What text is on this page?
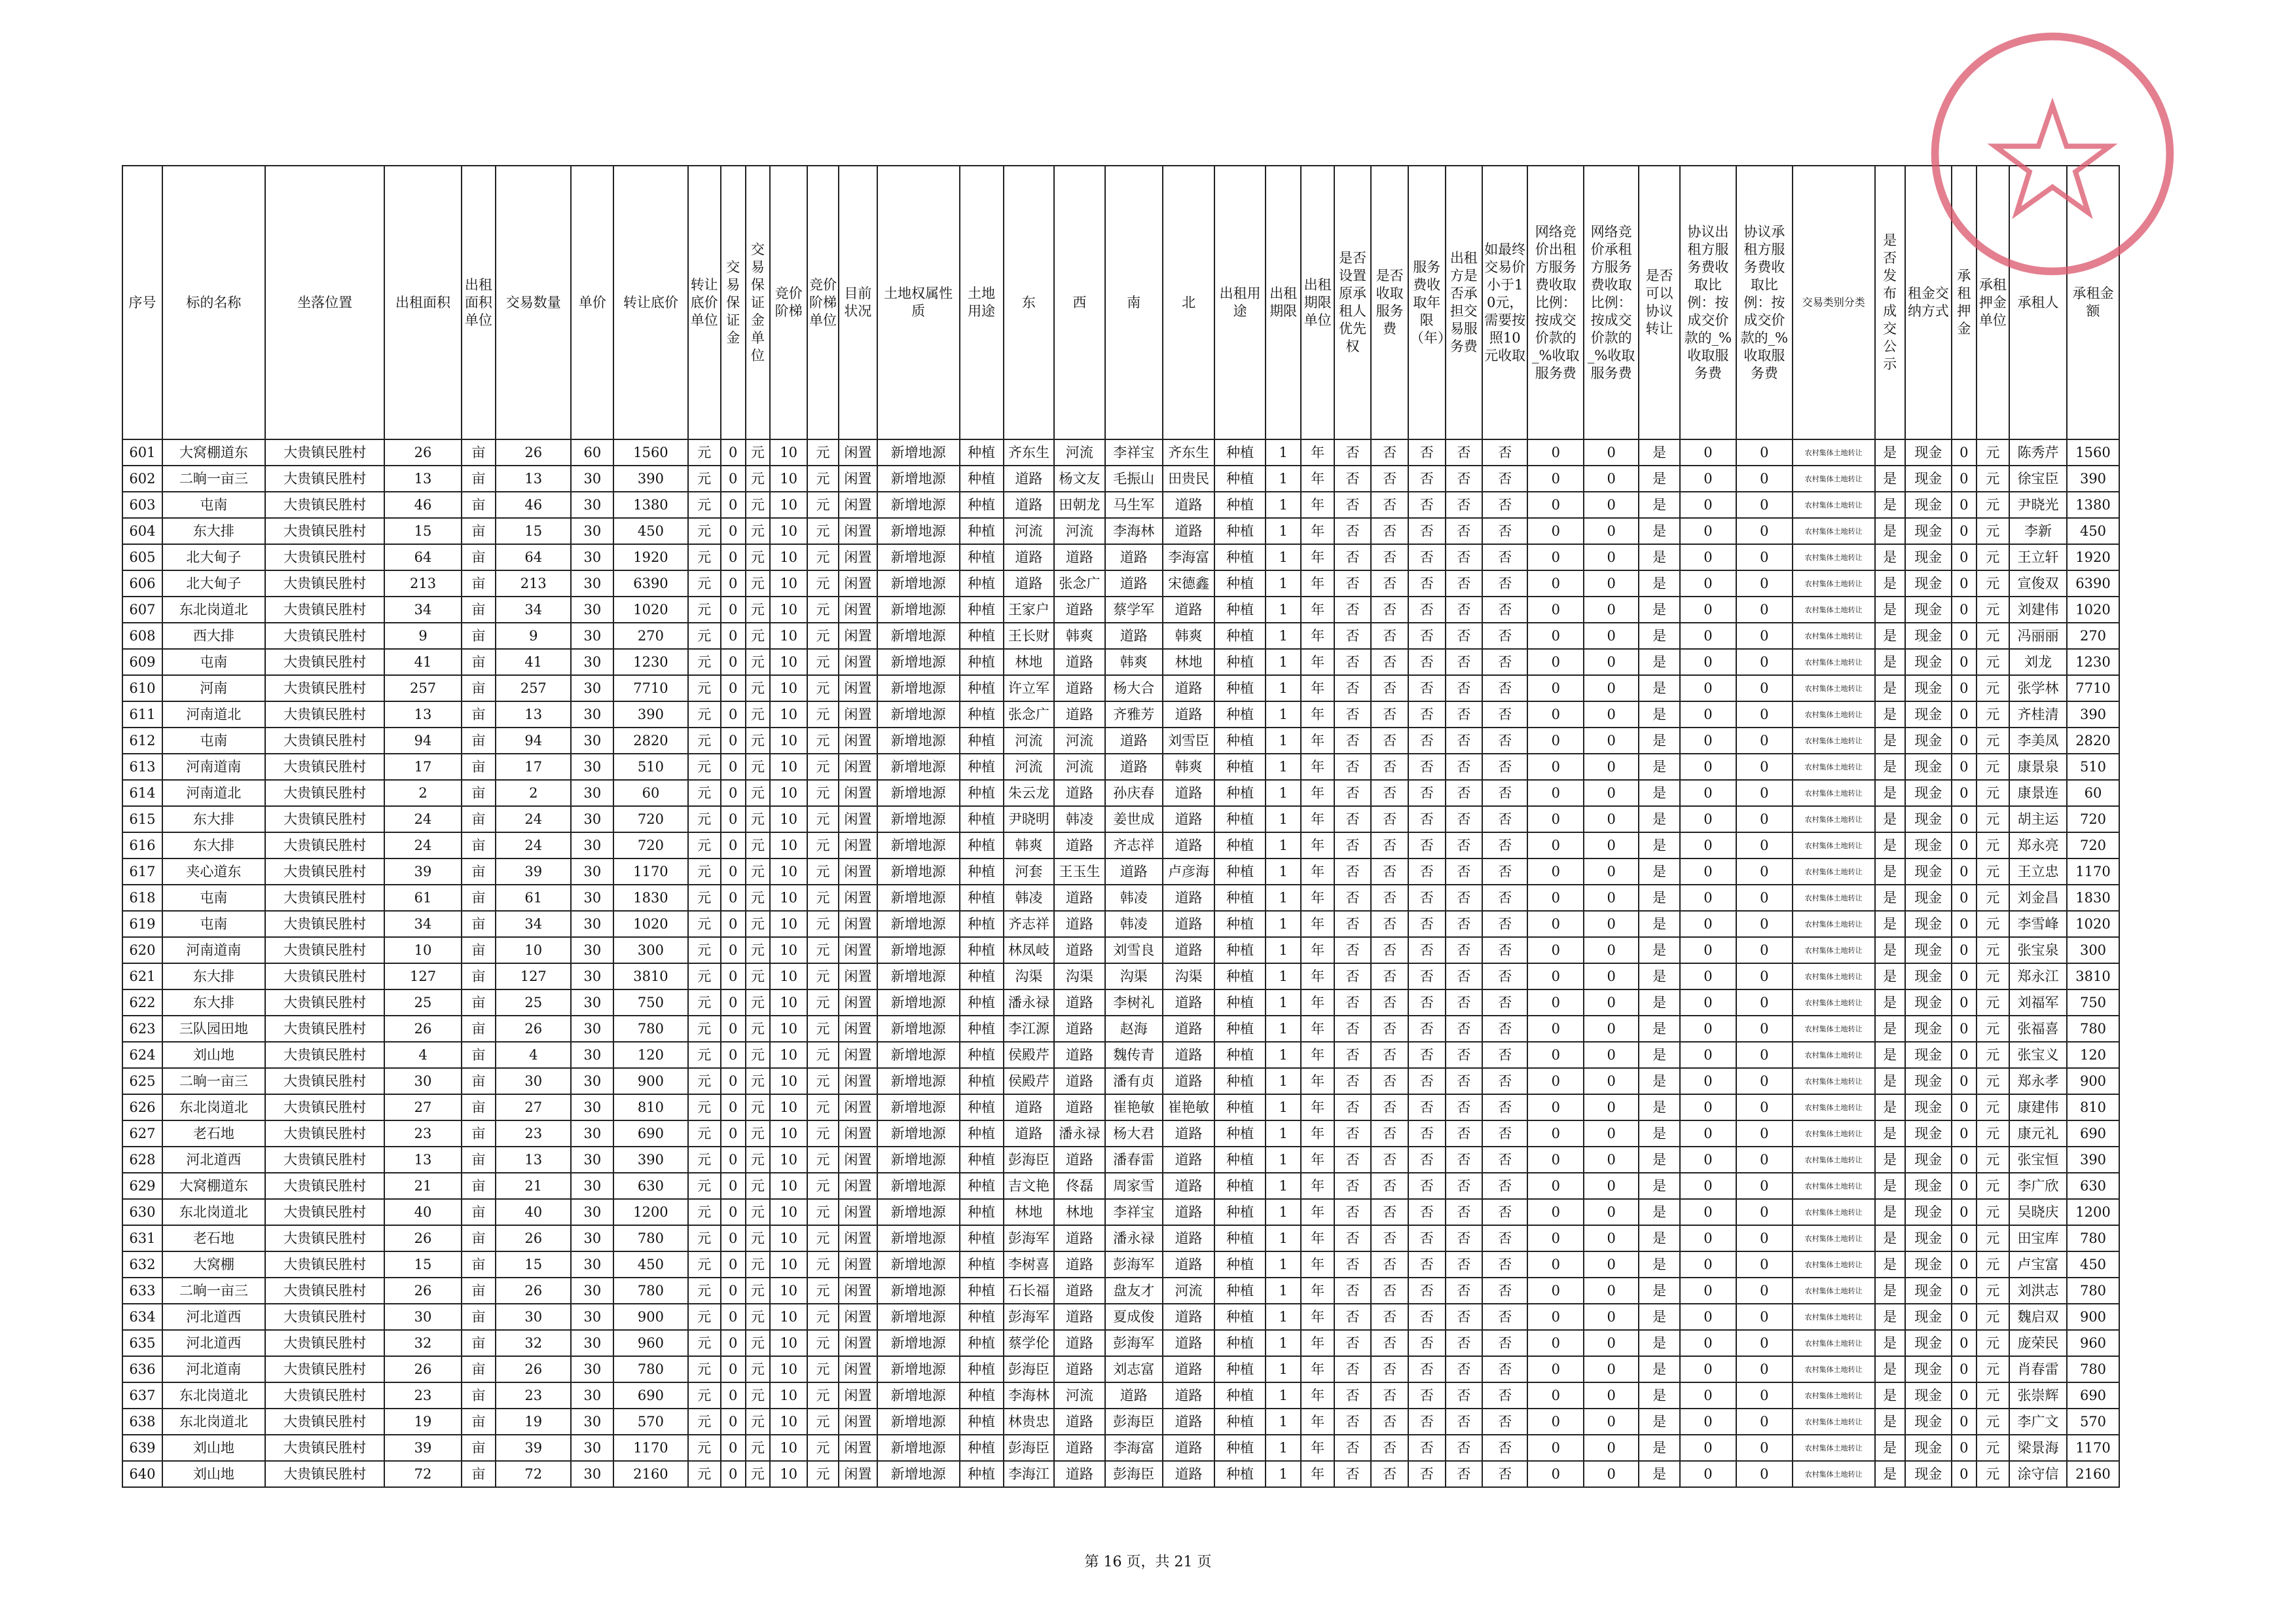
序号	标的名称	坐落位置	出租面积	出租面积单位	交易数量	单价	转让底价	转让底价单位	交易保证金	交易保证金单位	竞价阶梯	竞价阶梯单位	目前状况	土地权属性质	土地用途	东	西	南	北	出租用途	出租期限	出租期限单位	是否设置原承租人优先权	是否收取服务费	服务费收取年限（年）	出租方是否承担交易服务费	如最终交易价小于10元，需要按照10元收取	网络竞价出租方服务费收取比例：按成交价款的_%收取服务费	网络竞价承租方服务费收取比例：按成交价款的_%收取服务费	是否可以协议转让	协议出租方服务费收取比例：按成交价款的_%收取服务费	协议承租方服务费收取比例：按成交价款的_%收取服务费	交易类别分类	是否发布成交公示	租金交纳方式	承租押金	承租押金单位	承租人	承租金额
601	大窝棚道东	大贵镇民胜村	26	亩	26	60	1560	元	0	元	10	元	闲置	新增地源	种植	齐东生	河流	李祥宝	齐东生	种植	1	年	否	否	否	否	否	0	0	是	0	0	农村集体土地转让	是	现金	0	元	陈秀芹	1560
602	二晌一亩三	大贵镇民胜村	13	亩	13	30	390	元	0	元	10	元	闲置	新增地源	种植	道路	杨文友	毛振山	田贵民	种植	1	年	否	否	否	否	否	0	0	是	0	0	农村集体土地转让	是	现金	0	元	徐宝臣	390
603	屯南	大贵镇民胜村	46	亩	46	30	1380	元	0	元	10	元	闲置	新增地源	种植	道路	田朝龙	马生军	道路	种植	1	年	否	否	否	否	否	0	0	是	0	0	农村集体土地转让	是	现金	0	元	尹晓光	1380
604	东大排	大贵镇民胜村	15	亩	15	30	450	元	0	元	10	元	闲置	新增地源	种植	河流	河流	李海林	道路	种植	1	年	否	否	否	否	否	0	0	是	0	0	农村集体土地转让	是	现金	0	元	李新	450
605	北大甸子	大贵镇民胜村	64	亩	64	30	1920	元	0	元	10	元	闲置	新增地源	种植	道路	道路	道路	李海富	种植	1	年	否	否	否	否	否	0	0	是	0	0	农村集体土地转让	是	现金	0	元	王立轩	1920
606	北大甸子	大贵镇民胜村	213	亩	213	30	6390	元	0	元	10	元	闲置	新增地源	种植	道路	张念广	道路	宋德鑫	种植	1	年	否	否	否	否	否	0	0	是	0	0	农村集体土地转让	是	现金	0	元	宣俊双	6390
607	东北岗道北	大贵镇民胜村	34	亩	34	30	1020	元	0	元	10	元	闲置	新增地源	种植	王家户	道路	蔡学军	道路	种植	1	年	否	否	否	否	否	0	0	是	0	0	农村集体土地转让	是	现金	0	元	刘建伟	1020
608	西大排	大贵镇民胜村	9	亩	9	30	270	元	0	元	10	元	闲置	新增地源	种植	王长财	韩爽	道路	韩爽	种植	1	年	否	否	否	否	否	0	0	是	0	0	农村集体土地转让	是	现金	0	元	冯丽丽	270
609	屯南	大贵镇民胜村	41	亩	41	30	1230	元	0	元	10	元	闲置	新增地源	种植	林地	道路	韩爽	林地	种植	1	年	否	否	否	否	否	0	0	是	0	0	农村集体土地转让	是	现金	0	元	刘龙	1230
610	河南	大贵镇民胜村	257	亩	257	30	7710	元	0	元	10	元	闲置	新增地源	种植	许立军	道路	杨大合	道路	种植	1	年	否	否	否	否	否	0	0	是	0	0	农村集体土地转让	是	现金	0	元	张学林	7710
611	河南道北	大贵镇民胜村	13	亩	13	30	390	元	0	元	10	元	闲置	新增地源	种植	张念广	道路	齐雅芳	道路	种植	1	年	否	否	否	否	否	0	0	是	0	0	农村集体土地转让	是	现金	0	元	齐桂清	390
612	屯南	大贵镇民胜村	94	亩	94	30	2820	元	0	元	10	元	闲置	新增地源	种植	河流	河流	道路	刘雪臣	种植	1	年	否	否	否	否	否	0	0	是	0	0	农村集体土地转让	是	现金	0	元	李美凤	2820
613	河南道南	大贵镇民胜村	17	亩	17	30	510	元	0	元	10	元	闲置	新增地源	种植	河流	河流	道路	韩爽	种植	1	年	否	否	否	否	否	0	0	是	0	0	农村集体土地转让	是	现金	0	元	康景泉	510
614	河南道北	大贵镇民胜村	2	亩	2	30	60	元	0	元	10	元	闲置	新增地源	种植	朱云龙	道路	孙庆春	道路	种植	1	年	否	否	否	否	否	0	0	是	0	0	农村集体土地转让	是	现金	0	元	康景连	60
615	东大排	大贵镇民胜村	24	亩	24	30	720	元	0	元	10	元	闲置	新增地源	种植	尹晓明	韩凌	姜世成	道路	种植	1	年	否	否	否	否	否	0	0	是	0	0	农村集体土地转让	是	现金	0	元	胡主运	720
616	东大排	大贵镇民胜村	24	亩	24	30	720	元	0	元	10	元	闲置	新增地源	种植	韩爽	道路	齐志祥	道路	种植	1	年	否	否	否	否	否	0	0	是	0	0	农村集体土地转让	是	现金	0	元	郑永亮	720
617	夹心道东	大贵镇民胜村	39	亩	39	30	1170	元	0	元	10	元	闲置	新增地源	种植	河套	王玉生	道路	卢彦海	种植	1	年	否	否	否	否	否	0	0	是	0	0	农村集体土地转让	是	现金	0	元	王立忠	1170
618	屯南	大贵镇民胜村	61	亩	61	30	1830	元	0	元	10	元	闲置	新增地源	种植	韩凌	道路	韩凌	道路	种植	1	年	否	否	否	否	否	0	0	是	0	0	农村集体土地转让	是	现金	0	元	刘金昌	1830
619	屯南	大贵镇民胜村	34	亩	34	30	1020	元	0	元	10	元	闲置	新增地源	种植	齐志祥	道路	韩凌	道路	种植	1	年	否	否	否	否	否	0	0	是	0	0	农村集体土地转让	是	现金	0	元	李雪峰	1020
620	河南道南	大贵镇民胜村	10	亩	10	30	300	元	0	元	10	元	闲置	新增地源	种植	林凤岐	道路	刘雪良	道路	种植	1	年	否	否	否	否	否	0	0	是	0	0	农村集体土地转让	是	现金	0	元	张宝泉	300
621	东大排	大贵镇民胜村	127	亩	127	30	3810	元	0	元	10	元	闲置	新增地源	种植	沟渠	沟渠	沟渠	沟渠	种植	1	年	否	否	否	否	否	0	0	是	0	0	农村集体土地转让	是	现金	0	元	郑永江	3810
622	东大排	大贵镇民胜村	25	亩	25	30	750	元	0	元	10	元	闲置	新增地源	种植	潘永禄	道路	李树礼	道路	种植	1	年	否	否	否	否	否	0	0	是	0	0	农村集体土地转让	是	现金	0	元	刘福军	750
623	三队园田地	大贵镇民胜村	26	亩	26	30	780	元	0	元	10	元	闲置	新增地源	种植	李江源	道路	赵海	道路	种植	1	年	否	否	否	否	否	0	0	是	0	0	农村集体土地转让	是	现金	0	元	张福喜	780
624	刘山地	大贵镇民胜村	4	亩	4	30	120	元	0	元	10	元	闲置	新增地源	种植	侯殿芹	道路	魏传青	道路	种植	1	年	否	否	否	否	否	0	0	是	0	0	农村集体土地转让	是	现金	0	元	张宝义	120
625	二晌一亩三	大贵镇民胜村	30	亩	30	30	900	元	0	元	10	元	闲置	新增地源	种植	侯殿芹	道路	潘有贞	道路	种植	1	年	否	否	否	否	否	0	0	是	0	0	农村集体土地转让	是	现金	0	元	郑永孝	900
626	东北岗道北	大贵镇民胜村	27	亩	27	30	810	元	0	元	10	元	闲置	新增地源	种植	道路	道路	崔艳敏	崔艳敏	种植	1	年	否	否	否	否	否	0	0	是	0	0	农村集体土地转让	是	现金	0	元	康建伟	810
627	老石地	大贵镇民胜村	23	亩	23	30	690	元	0	元	10	元	闲置	新增地源	种植	道路	潘永禄	杨大君	道路	种植	1	年	否	否	否	否	否	0	0	是	0	0	农村集体土地转让	是	现金	0	元	康元礼	690
628	河北道西	大贵镇民胜村	13	亩	13	30	390	元	0	元	10	元	闲置	新增地源	种植	彭海臣	道路	潘春雷	道路	种植	1	年	否	否	否	否	否	0	0	是	0	0	农村集体土地转让	是	现金	0	元	张宝恒	390
629	大窝棚道东	大贵镇民胜村	21	亩	21	30	630	元	0	元	10	元	闲置	新增地源	种植	吉文艳	佟磊	周家雪	道路	种植	1	年	否	否	否	否	否	0	0	是	0	0	农村集体土地转让	是	现金	0	元	李广欣	630
630	东北岗道北	大贵镇民胜村	40	亩	40	30	1200	元	0	元	10	元	闲置	新增地源	种植	林地	林地	李祥宝	道路	种植	1	年	否	否	否	否	否	0	0	是	0	0	农村集体土地转让	是	现金	0	元	吴晓庆	1200
631	老石地	大贵镇民胜村	26	亩	26	30	780	元	0	元	10	元	闲置	新增地源	种植	彭海军	道路	潘永禄	道路	种植	1	年	否	否	否	否	否	0	0	是	0	0	农村集体土地转让	是	现金	0	元	田宝库	780
632	大窝棚	大贵镇民胜村	15	亩	15	30	450	元	0	元	10	元	闲置	新增地源	种植	李树喜	道路	彭海军	道路	种植	1	年	否	否	否	否	否	0	0	是	0	0	农村集体土地转让	是	现金	0	元	卢宝富	450
633	二晌一亩三	大贵镇民胜村	26	亩	26	30	780	元	0	元	10	元	闲置	新增地源	种植	石长福	道路	盘友才	河流	种植	1	年	否	否	否	否	否	0	0	是	0	0	农村集体土地转让	是	现金	0	元	刘洪志	780
634	河北道西	大贵镇民胜村	30	亩	30	30	900	元	0	元	10	元	闲置	新增地源	种植	彭海军	道路	夏成俊	道路	种植	1	年	否	否	否	否	否	0	0	是	0	0	农村集体土地转让	是	现金	0	元	魏启双	900
635	河北道西	大贵镇民胜村	32	亩	32	30	960	元	0	元	10	元	闲置	新增地源	种植	蔡学伦	道路	彭海军	道路	种植	1	年	否	否	否	否	否	0	0	是	0	0	农村集体土地转让	是	现金	0	元	庞荣民	960
636	河北道南	大贵镇民胜村	26	亩	26	30	780	元	0	元	10	元	闲置	新增地源	种植	彭海臣	道路	刘志富	道路	种植	1	年	否	否	否	否	否	0	0	是	0	0	农村集体土地转让	是	现金	0	元	肖春雷	780
637	东北岗道北	大贵镇民胜村	23	亩	23	30	690	元	0	元	10	元	闲置	新增地源	种植	李海林	河流	道路	道路	种植	1	年	否	否	否	否	否	0	0	是	0	0	农村集体土地转让	是	现金	0	元	张崇辉	690
638	东北岗道北	大贵镇民胜村	19	亩	19	30	570	元	0	元	10	元	闲置	新增地源	种植	林贵忠	道路	彭海臣	道路	种植	1	年	否	否	否	否	否	0	0	是	0	0	农村集体土地转让	是	现金	0	元	李广文	570
639	刘山地	大贵镇民胜村	39	亩	39	30	1170	元	0	元	10	元	闲置	新增地源	种植	彭海臣	道路	李海富	道路	种植	1	年	否	否	否	否	否	0	0	是	0	0	农村集体土地转让	是	现金	0	元	梁景海	1170
640	刘山地	大贵镇民胜村	72	亩	72	30	2160	元	0	元	10	元	闲置	新增地源	种植	李海江	道路	彭海臣	道路	种植	1	年	否	否	否	否	否	0	0	是	0	0	农村集体土地转让	是	现金	0	元	涂守信	2160
第 16 页，共 21 页
